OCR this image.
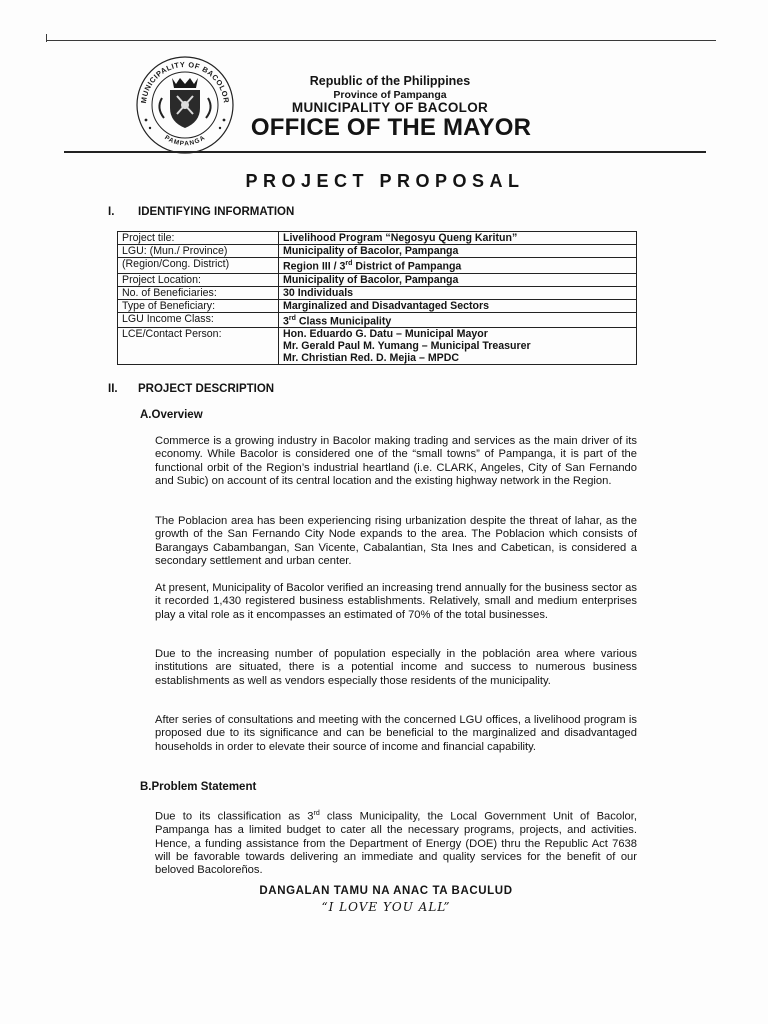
MUNICIPALITY OF BACOLOR
PAMPANGA
Republic of the Philippines
Province of Pampanga
MUNICIPALITY OF BACOLOR
OFFICE OF THE MAYOR
PROJECT PROPOSAL
I. IDENTIFYING INFORMATION
Project tile:	Livelihood Program “Negosyu Queng Karitun”
LGU: (Mun./ Province)	Municipality of Bacolor, Pampanga
(Region/Cong. District)	Region III / 3rd District of Pampanga
Project Location:	Municipality of Bacolor, Pampanga
No. of Beneficiaries:	30 Individuals
Type of Beneficiary:	Marginalized and Disadvantaged Sectors
LGU Income Class:	3rd Class Municipality
LCE/Contact Person:	Hon. Eduardo G. Datu – Municipal Mayor
Mr. Gerald Paul M. Yumang – Municipal Treasurer
Mr. Christian Red. D. Mejia – MPDC
II. PROJECT DESCRIPTION
A.Overview

Commerce is a growing industry in Bacolor making trading and services as the main driver of its economy. While Bacolor is considered one of the “small towns” of Pampanga, it is part of the functional orbit of the Region’s industrial heartland (i.e. CLARK, Angeles, City of San Fernando and Subic) on account of its central location and the existing highway network in the Region.

The Poblacion area has been experiencing rising urbanization despite the threat of lahar, as the growth of the San Fernando City Node expands to the area. The Poblacion which consists of Barangays Cabambangan, San Vicente, Cabalantian, Sta Ines and Cabetican, is considered a secondary settlement and urban center.

At present, Municipality of Bacolor verified an increasing trend annually for the business sector as it recorded 1,430 registered business establishments. Relatively, small and medium enterprises play a vital role as it encompasses an estimated of 70% of the total businesses.

Due to the increasing number of population especially in the población area where various institutions are situated, there is a potential income and success to numerous business establishments as well as vendors especially those residents of the municipality.

After series of consultations and meeting with the concerned LGU offices, a livelihood program is proposed due to its significance and can be beneficial to the marginalized and disadvantaged households in order to elevate their source of income and financial capability.

B.Problem Statement

Due to its classification as 3rd class Municipality, the Local Government Unit of Bacolor, Pampanga has a limited budget to cater all the necessary programs, projects, and activities. Hence, a funding assistance from the Department of Energy (DOE) thru the Republic Act 7638 will be favorable towards delivering an immediate and quality services for the benefit of our beloved Bacoloreños.

DANGALAN TAMU NA ANAC TA BACULUD
“I LOVE YOU ALL”
